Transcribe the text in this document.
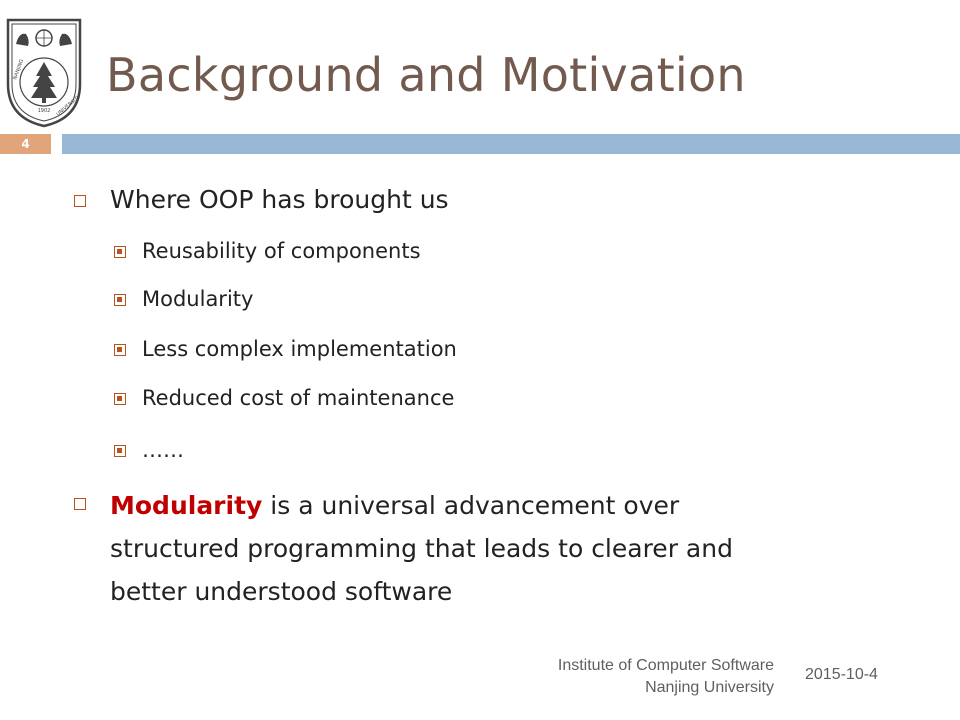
1902
NANJING
UNIVERSITY
Background and Motivation
4
Where OOP has brought us
Reusability of components
Modularity
Less complex implementation
Reduced cost of maintenance
……
Modularity is a universal advancement over
structured programming that leads to clearer and
better understood software
Institute of Computer Software
Nanjing University
2015-10-4
